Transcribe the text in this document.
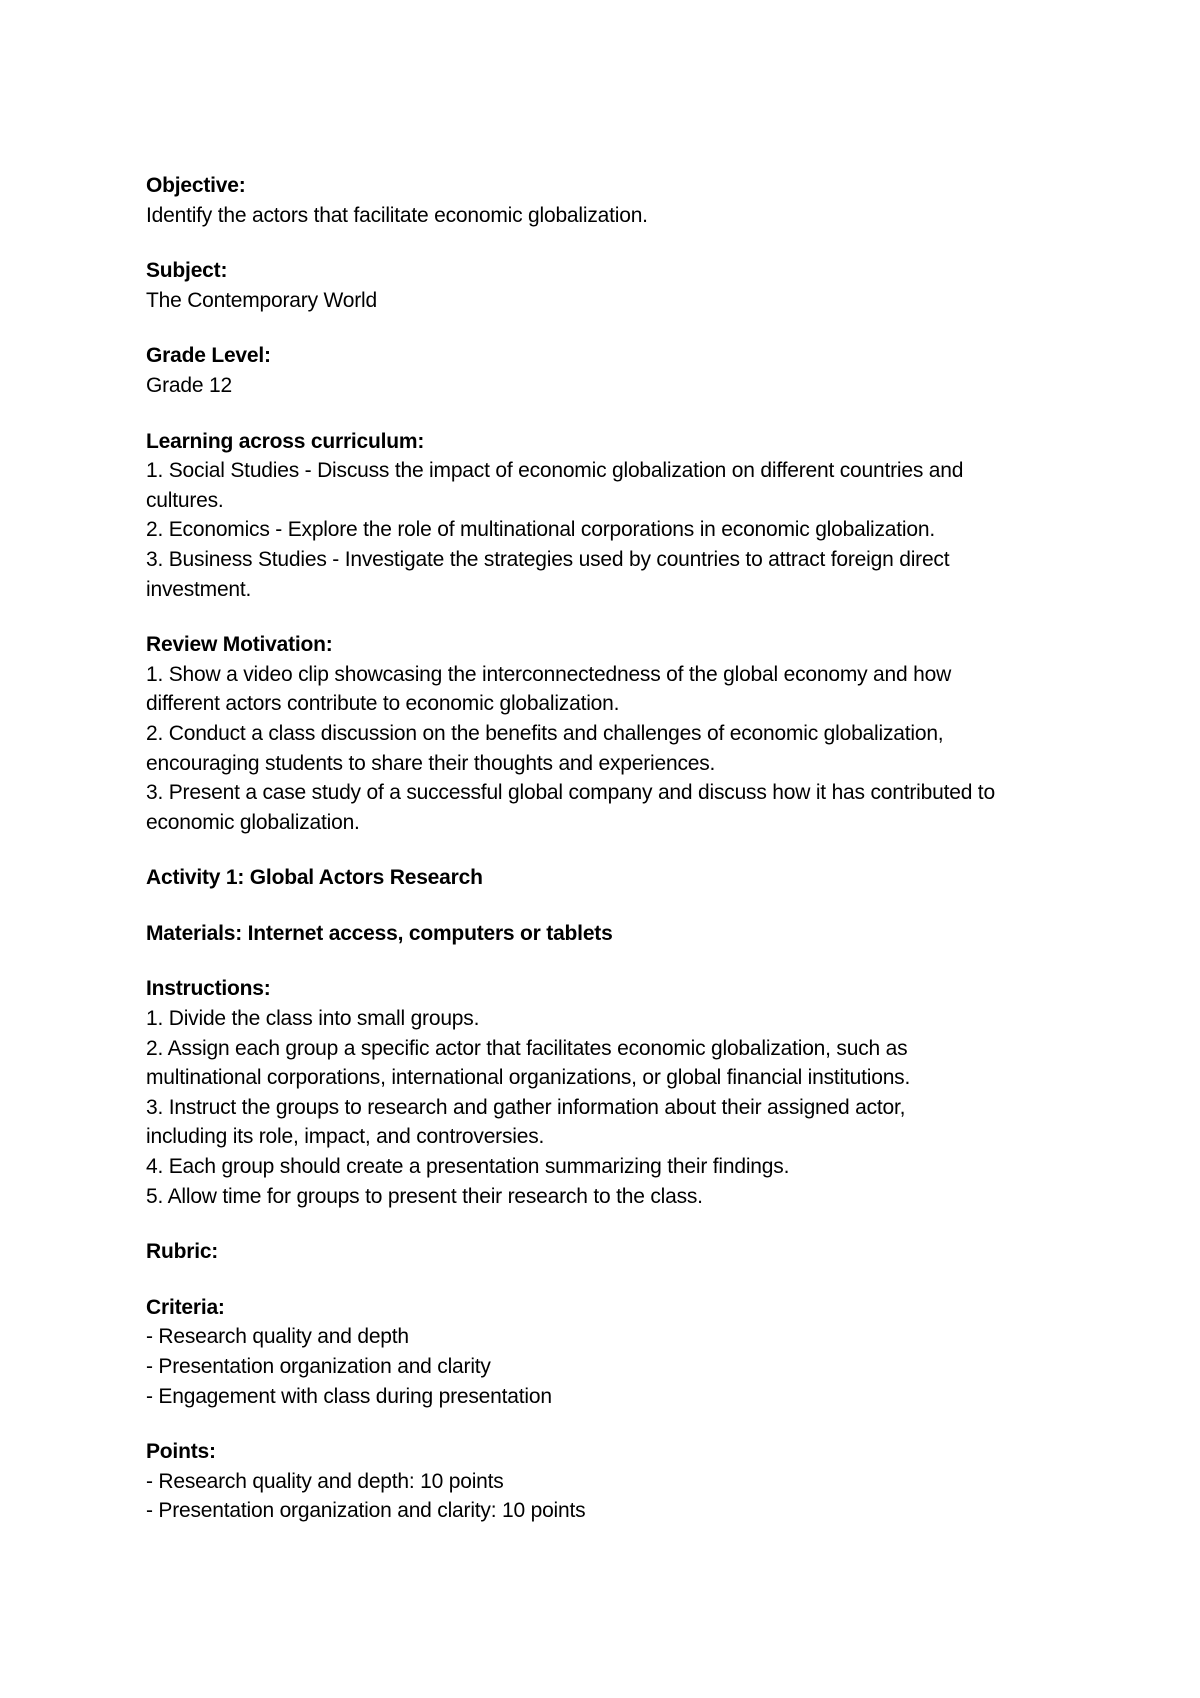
Objective:
Identify the actors that facilitate economic globalization.
Subject:
The Contemporary World
Grade Level:
Grade 12
Learning across curriculum:
1. Social Studies - Discuss the impact of economic globalization on different countries and
cultures.
2. Economics - Explore the role of multinational corporations in economic globalization.
3. Business Studies - Investigate the strategies used by countries to attract foreign direct
investment.
Review Motivation:
1. Show a video clip showcasing the interconnectedness of the global economy and how
different actors contribute to economic globalization.
2. Conduct a class discussion on the benefits and challenges of economic globalization,
encouraging students to share their thoughts and experiences.
3. Present a case study of a successful global company and discuss how it has contributed to
economic globalization.
Activity 1: Global Actors Research
Materials: Internet access, computers or tablets
Instructions:
1. Divide the class into small groups.
2. Assign each group a specific actor that facilitates economic globalization, such as
multinational corporations, international organizations, or global financial institutions.
3. Instruct the groups to research and gather information about their assigned actor,
including its role, impact, and controversies.
4. Each group should create a presentation summarizing their findings.
5. Allow time for groups to present their research to the class.
Rubric:
Criteria:
- Research quality and depth
- Presentation organization and clarity
- Engagement with class during presentation
Points:
- Research quality and depth: 10 points
- Presentation organization and clarity: 10 points
